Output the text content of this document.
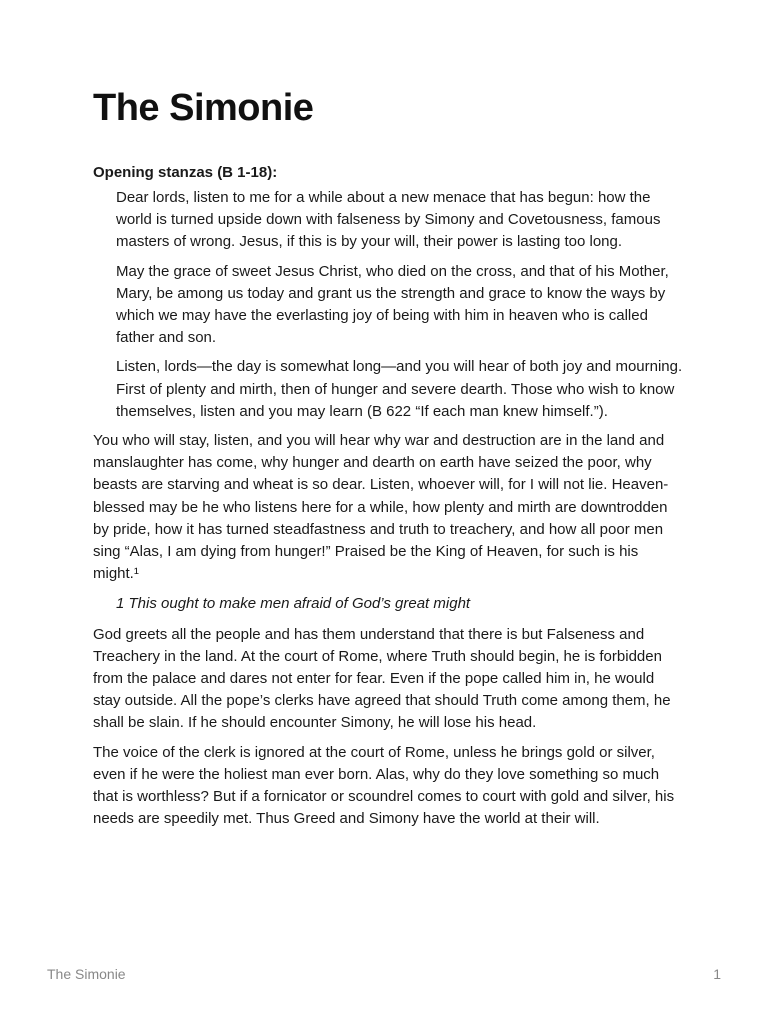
The Simonie
Opening stanzas (B 1-18):

Dear lords, listen to me for a while about a new menace that has begun: how the world is turned upside down with falseness by Simony and Covetousness, famous masters of wrong. Jesus, if this is by your will, their power is lasting too long.

May the grace of sweet Jesus Christ, who died on the cross, and that of his Mother, Mary, be among us today and grant us the strength and grace to know the ways by which we may have the everlasting joy of being with him in heaven who is called father and son.

Listen, lords—the day is somewhat long—and you will hear of both joy and mourning. First of plenty and mirth, then of hunger and severe dearth. Those who wish to know themselves, listen and you may learn (B 622 “If each man knew himself.”).

You who will stay, listen, and you will hear why war and destruction are in the land and manslaughter has come, why hunger and dearth on earth have seized the poor, why beasts are starving and wheat is so dear. Listen, whoever will, for I will not lie. Heaven-blessed may be he who listens here for a while, how plenty and mirth are downtrodden by pride, how it has turned steadfastness and truth to treachery, and how all poor men sing “Alas, I am dying from hunger!” Praised be the King of Heaven, for such is his might.¹

1 This ought to make men afraid of God’s great might

God greets all the people and has them understand that there is but Falseness and Treachery in the land. At the court of Rome, where Truth should begin, he is forbidden from the palace and dares not enter for fear. Even if the pope called him in, he would stay outside. All the pope’s clerks have agreed that should Truth come among them, he shall be slain. If he should encounter Simony, he will lose his head.

The voice of the clerk is ignored at the court of Rome, unless he brings gold or silver, even if he were the holiest man ever born. Alas, why do they love something so much that is worthless? But if a fornicator or scoundrel comes to court with gold and silver, his needs are speedily met. Thus Greed and Simony have the world at their will.

The Simonie	1
